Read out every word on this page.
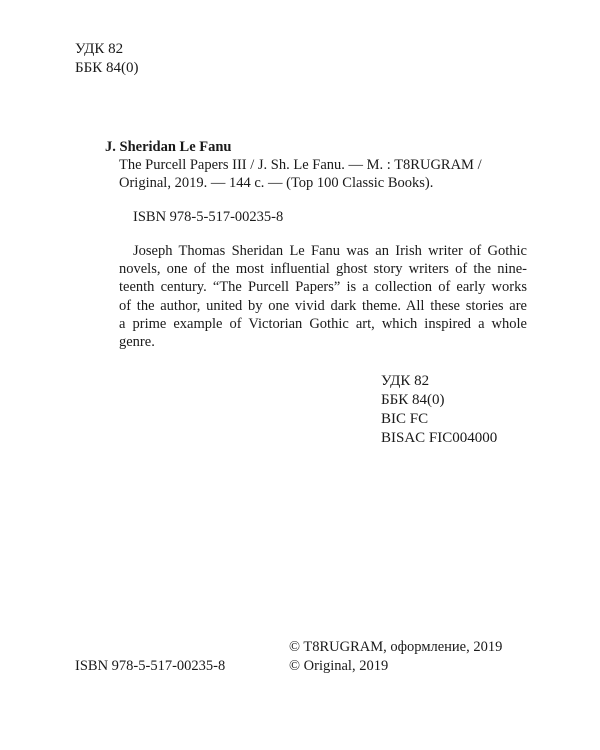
УДК 82
ББК 84(0)
J. Sheridan Le Fanu
The Purcell Papers III / J. Sh. Le Fanu. — M. : T8RUGRAM /
Original, 2019. — 144 c. — (Top 100 Classic Books).
ISBN 978-5-517-00235-8
Joseph Thomas Sheridan Le Fanu was an Irish writer of Gothic
novels, one of the most influential ghost story writers of the nine-
teenth century. “The Purcell Papers” is a collection of early works
of the author, united by one vivid dark theme. All these stories are
a prime example of Victorian Gothic art, which inspired a whole
genre.
УДК 82
ББК 84(0)
BIC FC
BISAC FIC004000
ISBN 978-5-517-00235-8
© T8RUGRAM, оформление, 2019
© Original, 2019
